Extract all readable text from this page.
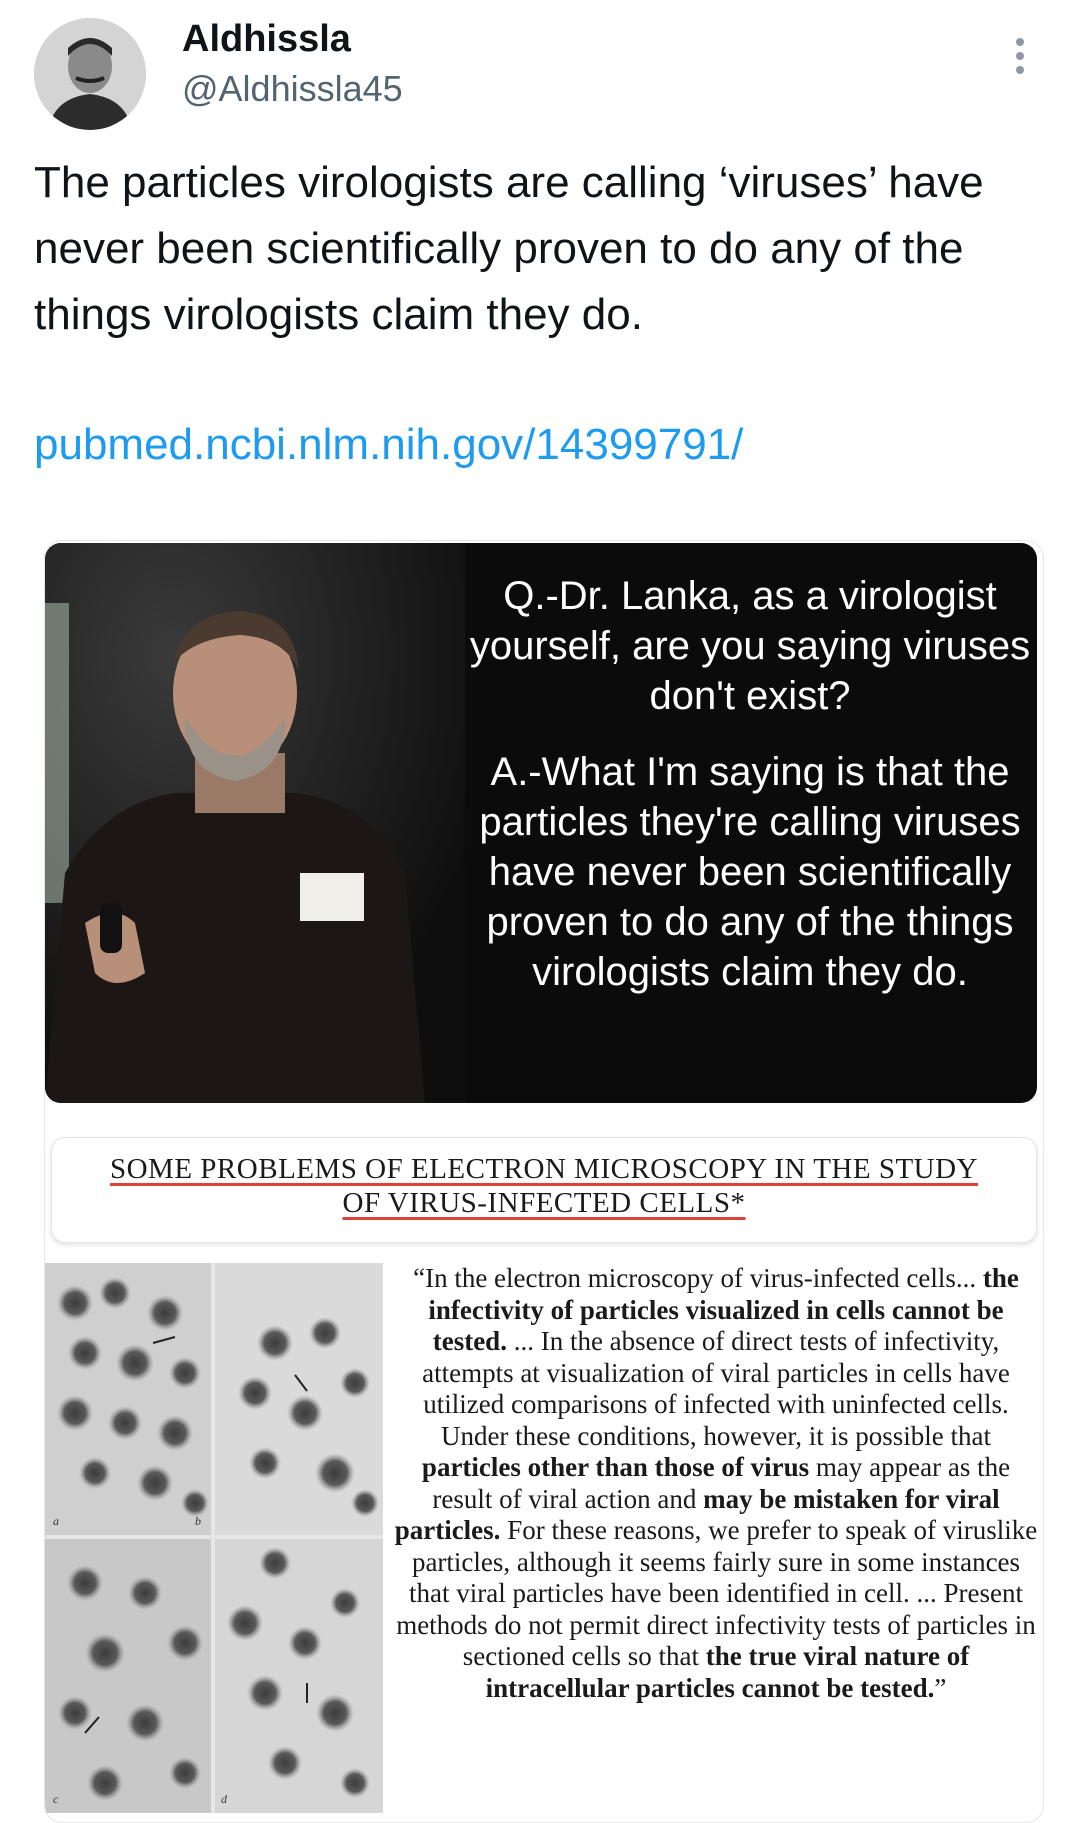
Aldhissla
@Aldhissla45
The particles virologists are calling ‘viruses’ have never been scientifically proven to do any of the things virologists claim they do.
pubmed.ncbi.nlm.nih.gov/14399791/

Q.-Dr. Lanka, as a virologist yourself, are you saying viruses don't exist?

A.-What I'm saying is that the particles they're calling viruses have never been scientifically proven to do any of the things virologists claim they do.

SOME PROBLEMS OF ELECTRON MICROSCOPY IN THE STUDY
OF VIRUS-INFECTED CELLS*
a	b
c	d
“In the electron microscopy of virus-infected cells... the infectivity of particles visualized in cells cannot be tested. ... In the absence of direct tests of infectivity, attempts at visualization of viral particles in cells have utilized comparisons of infected with uninfected cells. Under these conditions, however, it is possible that particles other than those of virus may appear as the result of viral action and may be mistaken for viral particles. For these reasons, we prefer to speak of viruslike particles, although it seems fairly sure in some instances that viral particles have been identified in cell. ... Present methods do not permit direct infectivity tests of particles in sectioned cells so that the true viral nature of intracellular particles cannot be tested.”
